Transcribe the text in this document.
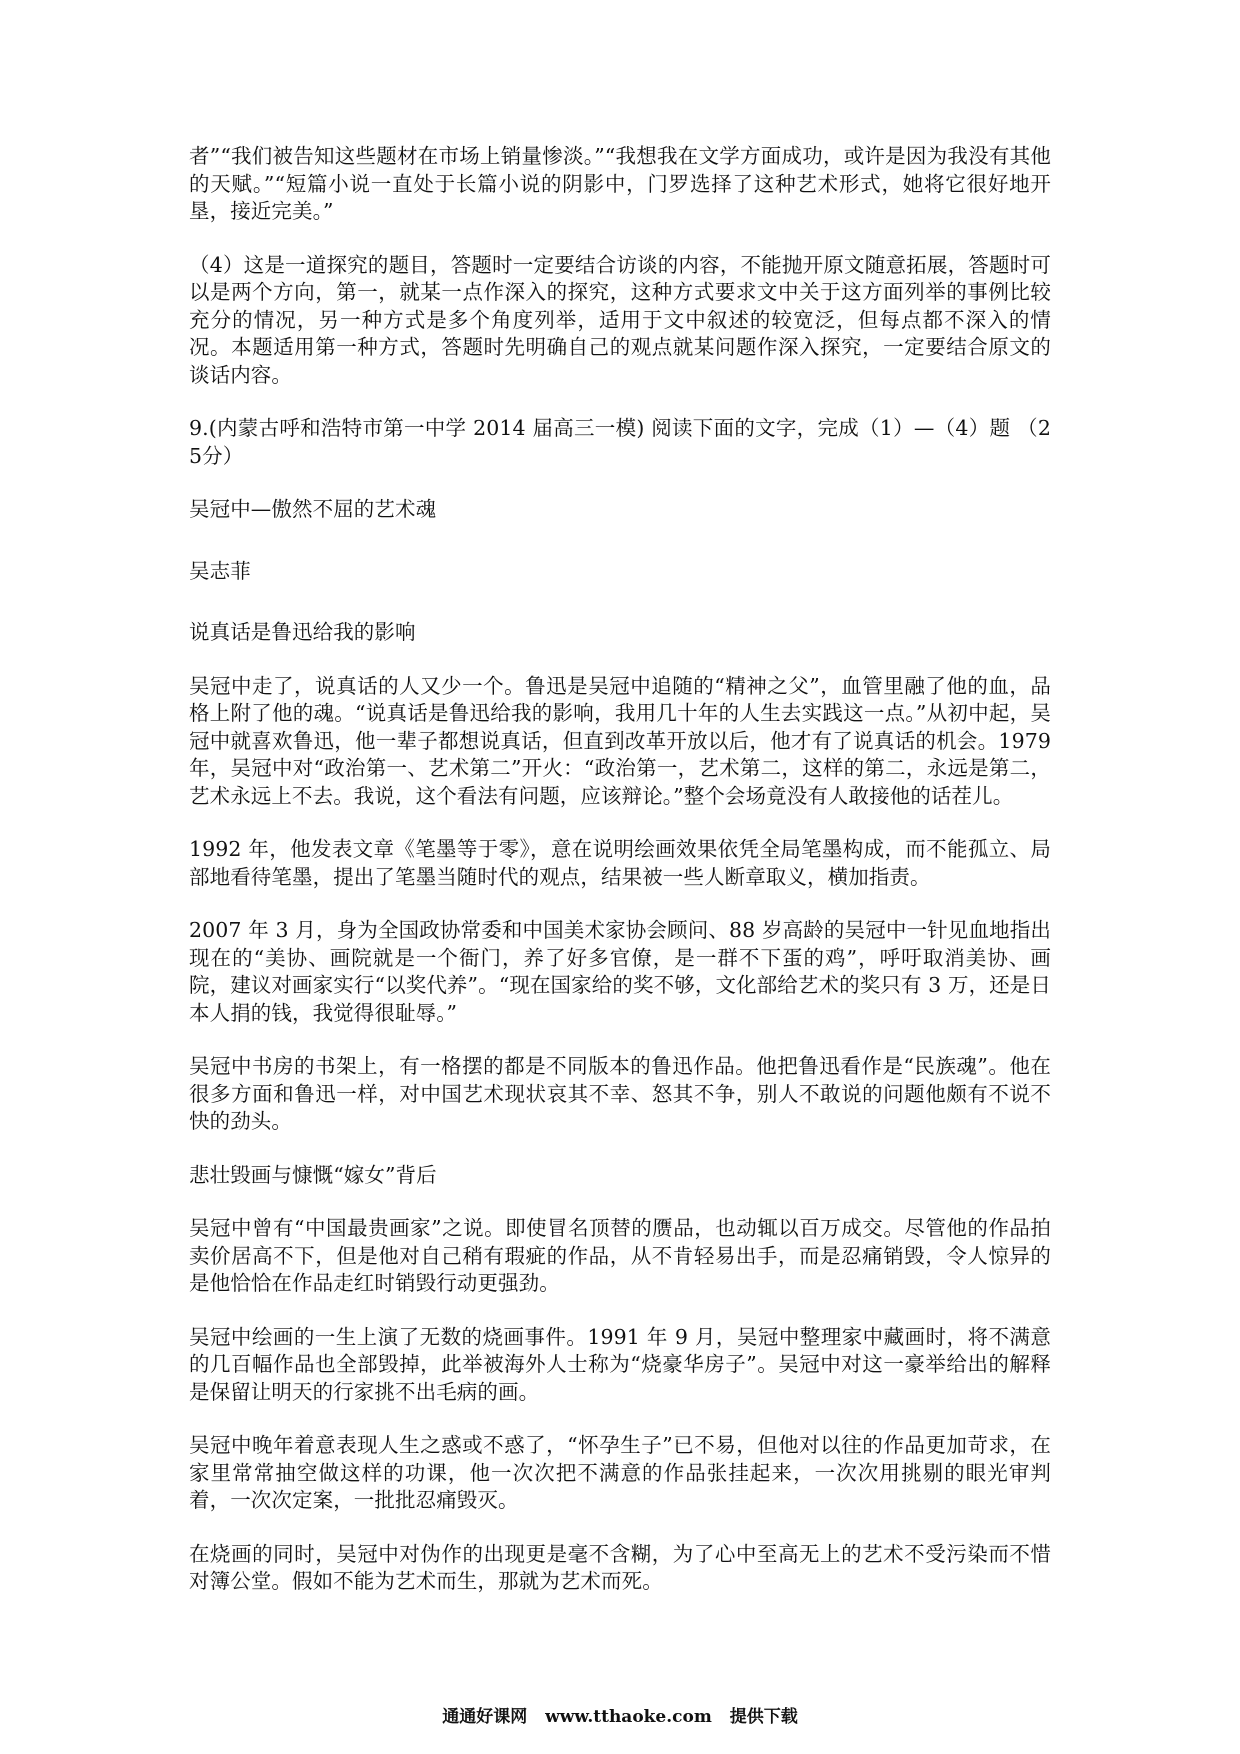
者”“我们被告知这些题材在市场上销量惨淡。”“我想我在文学方面成功，或许是因为我没有其他的天赋。”“短篇小说一直处于长篇小说的阴影中，门罗选择了这种艺术形式，她将它很好地开垦，接近完美。”

（4）这是一道探究的题目，答题时一定要结合访谈的内容，不能抛开原文随意拓展，答题时可以是两个方向，第一，就某一点作深入的探究，这种方式要求文中关于这方面列举的事例比较充分的情况，另一种方式是多个角度列举，适用于文中叙述的较宽泛，但每点都不深入的情况。本题适用第一种方式，答题时先明确自己的观点就某问题作深入探究，一定要结合原文的谈话内容。

9.(内蒙古呼和浩特市第一中学 2014 届高三一模) 阅读下面的文字，完成（1）—（4）题 （25分）

吴冠中—傲然不屈的艺术魂

吴志菲

说真话是鲁迅给我的影响

吴冠中走了，说真话的人又少一个。鲁迅是吴冠中追随的“精神之父”，血管里融了他的血，品格上附了他的魂。“说真话是鲁迅给我的影响，我用几十年的人生去实践这一点。”从初中起，吴冠中就喜欢鲁迅，他一辈子都想说真话，但直到改革开放以后，他才有了说真话的机会。1979 年，吴冠中对“政治第一、艺术第二”开火：“政治第一，艺术第二，这样的第二，永远是第二，艺术永远上不去。我说，这个看法有问题，应该辩论。”整个会场竟没有人敢接他的话茬儿。

1992 年，他发表文章《笔墨等于零》，意在说明绘画效果依凭全局笔墨构成，而不能孤立、局部地看待笔墨，提出了笔墨当随时代的观点，结果被一些人断章取义，横加指责。

2007 年 3 月，身为全国政协常委和中国美术家协会顾问、88 岁高龄的吴冠中一针见血地指出现在的“美协、画院就是一个衙门，养了好多官僚，是一群不下蛋的鸡”，呼吁取消美协、画院，建议对画家实行“以奖代养”。“现在国家给的奖不够，文化部给艺术的奖只有 3 万，还是日本人捐的钱，我觉得很耻辱。”

吴冠中书房的书架上，有一格摆的都是不同版本的鲁迅作品。他把鲁迅看作是“民族魂”。他在很多方面和鲁迅一样，对中国艺术现状哀其不幸、怒其不争，别人不敢说的问题他颇有不说不快的劲头。

悲壮毁画与慷慨“嫁女”背后

吴冠中曾有“中国最贵画家”之说。即使冒名顶替的赝品，也动辄以百万成交。尽管他的作品拍卖价居高不下，但是他对自己稍有瑕疵的作品，从不肯轻易出手，而是忍痛销毁，令人惊异的是他恰恰在作品走红时销毁行动更强劲。

吴冠中绘画的一生上演了无数的烧画事件。1991 年 9 月，吴冠中整理家中藏画时，将不满意的几百幅作品也全部毁掉，此举被海外人士称为“烧豪华房子”。吴冠中对这一豪举给出的解释是保留让明天的行家挑不出毛病的画。

吴冠中晚年着意表现人生之惑或不惑了，“怀孕生子”已不易，但他对以往的作品更加苛求，在家里常常抽空做这样的功课，他一次次把不满意的作品张挂起来，一次次用挑剔的眼光审判着，一次次定案，一批批忍痛毁灭。

在烧画的同时，吴冠中对伪作的出现更是毫不含糊，为了心中至高无上的艺术不受污染而不惜对簿公堂。假如不能为艺术而生，那就为艺术而死。

通通好课网 www.tthaoke.com 提供下载
